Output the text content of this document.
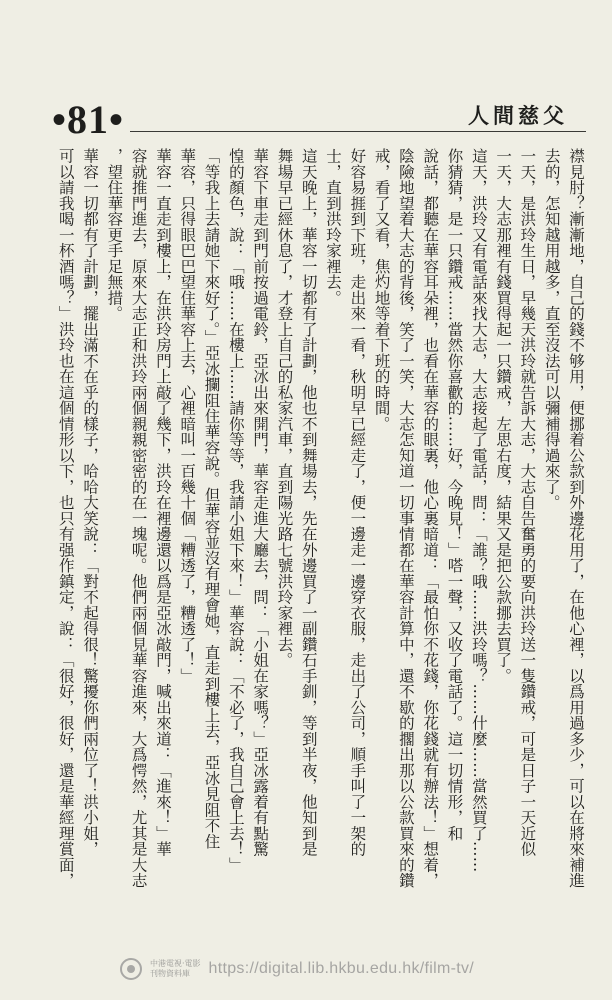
•81•	人間慈父
襟見肘？漸漸地，自己的錢不够用，便挪着公款到外邊花用了，在他心裡，以爲用過多少，可以在將來補進
去的，怎知越用越多，直至沒法可以彌補得過來了。
一天，是洪玲生日，早幾天洪玲就告訴大志，大志自告奮勇的要向洪玲送一隻鑽戒，可是日子一天近似
一天，大志那裡有錢買得起一只鑽戒，左思右度，結果又是把公款挪去買了。
這天，洪玲又有電話來找大志，大志接起了電話，問：「誰？哦……洪玲嗎？……什麼……當然買了……
你猜猜，是一只鑽戒……當然你喜歡的……好，今晚見！」嗒一聲，又收了電話了。這一切情形，和
說話，都聽在華容耳朵裡，也看在華容的眼裏，他心裏暗道：「最怕你不花錢，你花錢就有辦法！」想着，
陰險地望着大志的背後，笑了一笑，大志怎知道一切事情都在華容計算中，還不歇的擱出那以公款買來的鑽
戒，看了又看，焦灼地等着下班的時間。
好容易捱到下班，走出來一看，秋明早已經走了，便一邊走一邊穿衣服，走出了公司，順手叫了一架的
士，直到洪玲家裡去。
這天晚上，華容一切都有了計劃，他也不到舞場去，先在外邊買了一副鑽石手釧，等到半夜，他知到是
舞場早已經休息了，才登上自己的私家汽車，直到陽光路七號洪玲家裡去。
華容下車走到門前按過電鈴，亞冰出來開門，華容走進大廳去，問：「小姐在家嗎？」亞冰露着有點驚
惶的顏色，說：「哦……在樓上……請你等等，我請小姐下來！」華容說：「不必了，我自己會上去！」
「等我上去請她下來好了。」亞冰攔阻住華容說。但華容並沒有理會她，直走到樓上去，亞冰見阻不住
華容，只得眼巴巴望住華容上去，心裡暗叫一百幾十個「糟透了，糟透了！」
華容一直走到樓上，在洪玲房門上敲了幾下，洪玲在裡邊還以爲是亞冰敲門，喊出來道：「進來！」華
容就推門進去，原來大志正和洪玲兩個親親密密的在一塊呢。他們兩個見華容進來，大爲愕然，尤其是大志
，望住華容更手足無措。
華容一切都有了計劃，擺出滿不在乎的樣子，哈哈大笑說：「對不起得很！驚擾你們兩位了！洪小姐，
可以請我喝一杯酒嗎？」洪玲也在這個情形以下，也只有强作鎮定，說：「很好，很好，還是華經理賞面，
中港電視·電影
刊物資料庫	https://digital.lib.hkbu.edu.hk/film-tv/
